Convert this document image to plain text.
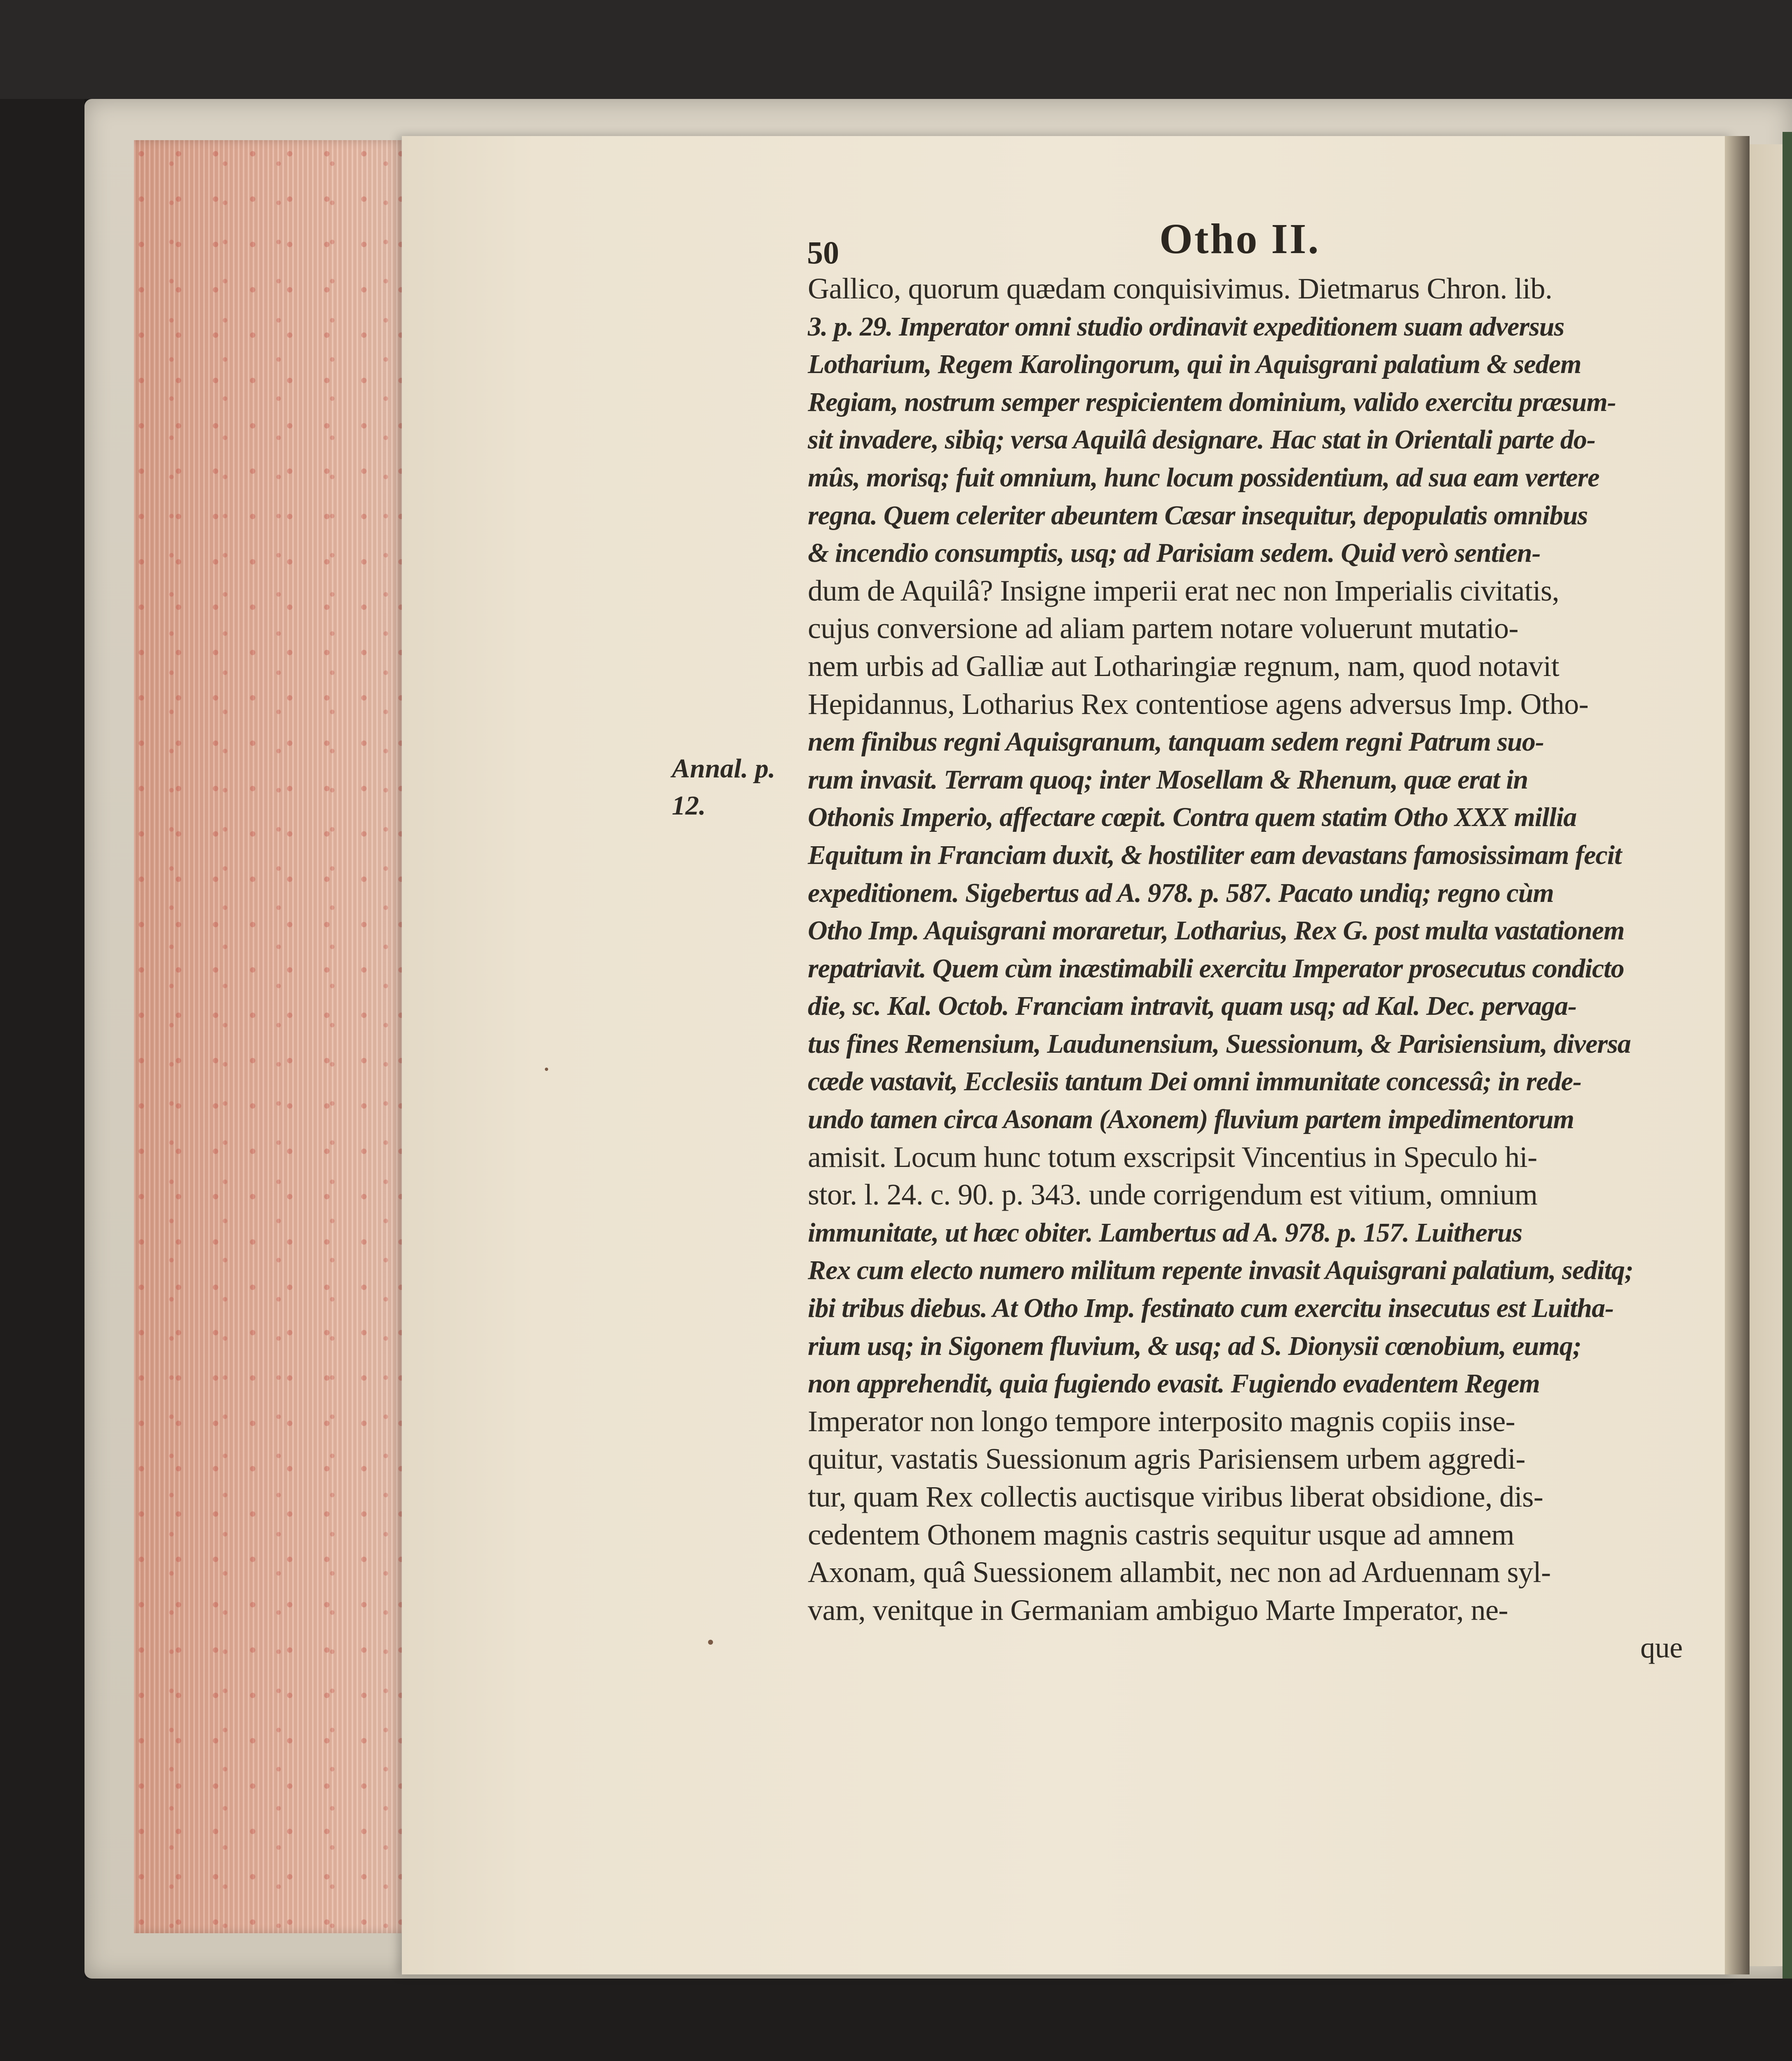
50	Otho II.
Annal. p.
12.
Gallico, quorum quædam conquisivimus. Dietmarus Chron. lib.
3. p. 29. Imperator omni studio ordinavit expeditionem suam adversus
Lotharium, Regem Karolingorum, qui in Aquisgrani palatium & sedem
Regiam, nostrum semper respicientem dominium, valido exercitu præsum-
sit invadere, sibiq; versa Aquilâ designare. Hac stat in Orientali parte do-
mûs, morisq; fuit omnium, hunc locum possidentium, ad sua eam vertere
regna. Quem celeriter abeuntem Cæsar insequitur, depopulatis omnibus
& incendio consumptis, usq; ad Parisiam sedem. Quid verò sentien-
dum de Aquilâ? Insigne imperii erat nec non Imperialis civitatis,
cujus conversione ad aliam partem notare voluerunt mutatio-
nem urbis ad Galliæ aut Lotharingiæ regnum, nam, quod notavit
Hepidannus, Lotharius Rex contentiose agens adversus Imp. Otho-
nem finibus regni Aquisgranum, tanquam sedem regni Patrum suo-
rum invasit. Terram quoq; inter Mosellam & Rhenum, quæ erat in
Othonis Imperio, affectare cœpit. Contra quem statim Otho XXX millia
Equitum in Franciam duxit, & hostiliter eam devastans famosissimam fecit
expeditionem. Sigebertus ad A. 978. p. 587. Pacato undiq; regno cùm
Otho Imp. Aquisgrani moraretur, Lotharius, Rex G. post multa vastationem
repatriavit. Quem cùm inæstimabili exercitu Imperator prosecutus condicto
die, sc. Kal. Octob. Franciam intravit, quam usq; ad Kal. Dec. pervaga-
tus fines Remensium, Laudunensium, Suessionum, & Parisiensium, diversa
cæde vastavit, Ecclesiis tantum Dei omni immunitate concessâ; in rede-
undo tamen circa Asonam (Axonem) fluvium partem impedimentorum
amisit. Locum hunc totum exscripsit Vincentius in Speculo hi-
stor. l. 24. c. 90. p. 343. unde corrigendum est vitium, omnium
immunitate, ut hæc obiter. Lambertus ad A. 978. p. 157. Luitherus
Rex cum electo numero militum repente invasit Aquisgrani palatium, seditq;
ibi tribus diebus. At Otho Imp. festinato cum exercitu insecutus est Luitha-
rium usq; in Sigonem fluvium, & usq; ad S. Dionysii cœnobium, eumq;
non apprehendit, quia fugiendo evasit. Fugiendo evadentem Regem
Imperator non longo tempore interposito magnis copiis inse-
quitur, vastatis Suessionum agris Parisiensem urbem aggredi-
tur, quam Rex collectis auctisque viribus liberat obsidione, dis-
cedentem Othonem magnis castris sequitur usque ad amnem
Axonam, quâ Suessionem allambit, nec non ad Arduennam syl-
vam, venitque in Germaniam ambiguo Marte Imperator, ne-
que
